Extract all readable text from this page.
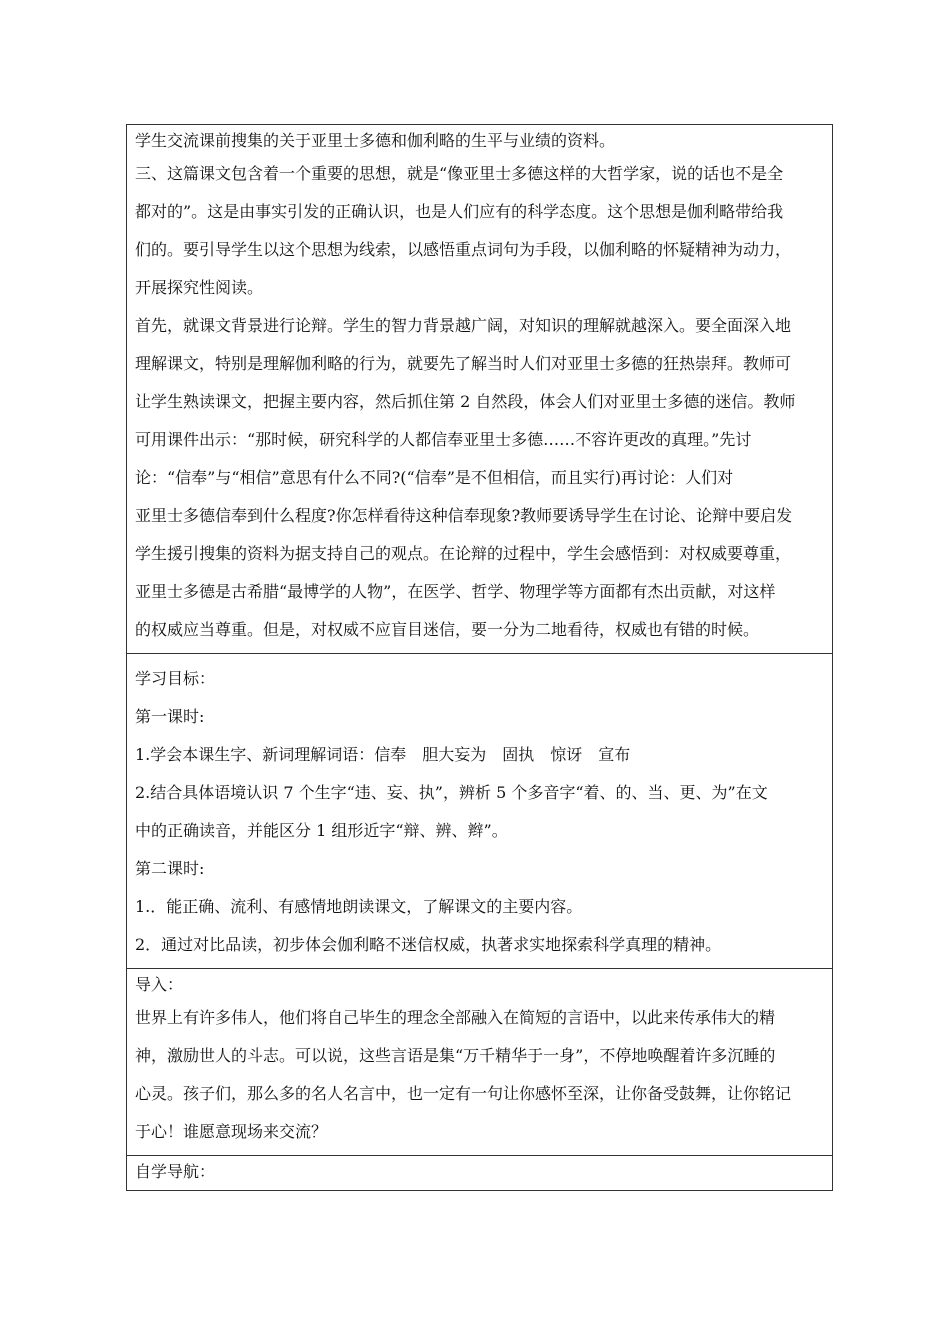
学生交流课前搜集的关于亚里士多德和伽利略的生平与业绩的资料。
三、这篇课文包含着一个重要的思想，就是“像亚里士多德这样的大哲学家，说的话也不是全
都对的”。这是由事实引发的正确认识，也是人们应有的科学态度。这个思想是伽利略带给我
们的。要引导学生以这个思想为线索，以感悟重点词句为手段，以伽利略的怀疑精神为动力，
开展探究性阅读。
首先，就课文背景进行论辩。学生的智力背景越广阔，对知识的理解就越深入。要全面深入地
理解课文，特别是理解伽利略的行为，就要先了解当时人们对亚里士多德的狂热崇拜。教师可
让学生熟读课文，把握主要内容，然后抓住第 2 自然段，体会人们对亚里士多德的迷信。教师
可用课件出示：“那时候，研究科学的人都信奉亚里士多德……不容许更改的真理。”先讨
论：“信奉”与“相信”意思有什么不同?(“信奉”是不但相信，而且实行)再讨论：人们对
亚里士多德信奉到什么程度?你怎样看待这种信奉现象?教师要诱导学生在讨论、论辩中要启发
学生援引搜集的资料为据支持自己的观点。在论辩的过程中，学生会感悟到：对权威要尊重，
亚里士多德是古希腊“最博学的人物”，在医学、哲学、物理学等方面都有杰出贡献，对这样
的权威应当尊重。但是，对权威不应盲目迷信，要一分为二地看待，权威也有错的时候。
学习目标：
第一课时:
1.学会本课生字、新词理解词语：信奉　胆大妄为　固执　惊讶　宣布
2.结合具体语境认识 7 个生字“违、妄、执”，辨析 5 个多音字“着、的、当、更、为”在文
中的正确读音，并能区分 1 组形近字“辩、辨、辫”。
第二课时:
1.．能正确、流利、有感情地朗读课文，了解课文的主要内容。
2．通过对比品读，初步体会伽利略不迷信权威，执著求实地探索科学真理的精神。
导入：
世界上有许多伟人，他们将自己毕生的理念全部融入在简短的言语中，以此来传承伟大的精
神，激励世人的斗志。可以说，这些言语是集“万千精华于一身”，不停地唤醒着许多沉睡的
心灵。孩子们，那么多的名人名言中，也一定有一句让你感怀至深，让你备受鼓舞，让你铭记
于心！谁愿意现场来交流？
自学导航：
